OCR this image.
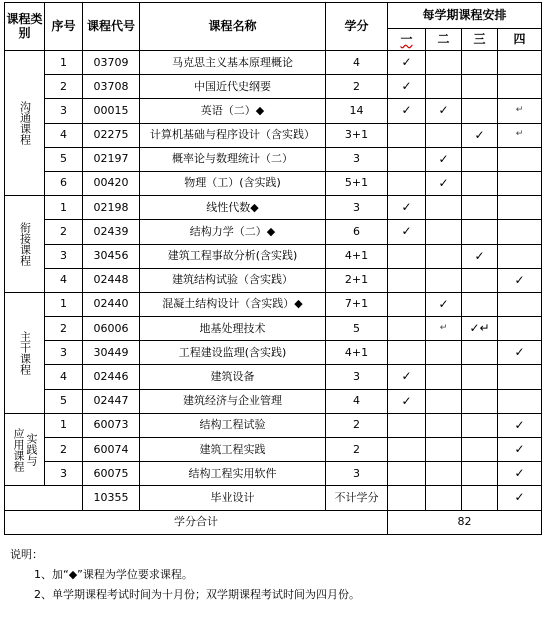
课程类别	序号	课程代号	课程名称	学分	每学期课程安排			
					一	二	三	四

沟通课程	1	03709	马克思主义基本原理概论	4	✓			
	2	03708	中国近代史纲要	2	✓			
	3	00015	英语（二）◆	14	✓	✓		↵
	4	02275	计算机基础与程序设计（含实践）	3+1			✓	↵
	5	02197	概率论与数理统计（二）	3		✓		
	6	00420	物理（工）(含实践)	5+1		✓		

衔接课程	1	02198	线性代数◆	3	✓			
	2	02439	结构力学（二）◆	6	✓			
	3	30456	建筑工程事故分析(含实践)	4+1			✓	
	4	02448	建筑结构试验（含实践）	2+1				✓

主干课程	1	02440	混凝土结构设计（含实践）◆	7+1		✓		
	2	06006	地基处理技术	5		↵	✓↵	
	3	30449	工程建设监理(含实践)	4+1				✓
	4	02446	建筑设备	3	✓			
	5	02447	建筑经济与企业管理	4	✓			

实践与
应用课程	1	60073	结构工程试验	2				✓
	2	60074	建筑工程实践	2				✓
	3	60075	结构工程实用软件	3				✓
		10355	毕业设计	不计学分				✓
学分合计					82			
说明：
1、加“◆”课程为学位要求课程。
2、单学期课程考试时间为十月份；双学期课程考试时间为四月份。
